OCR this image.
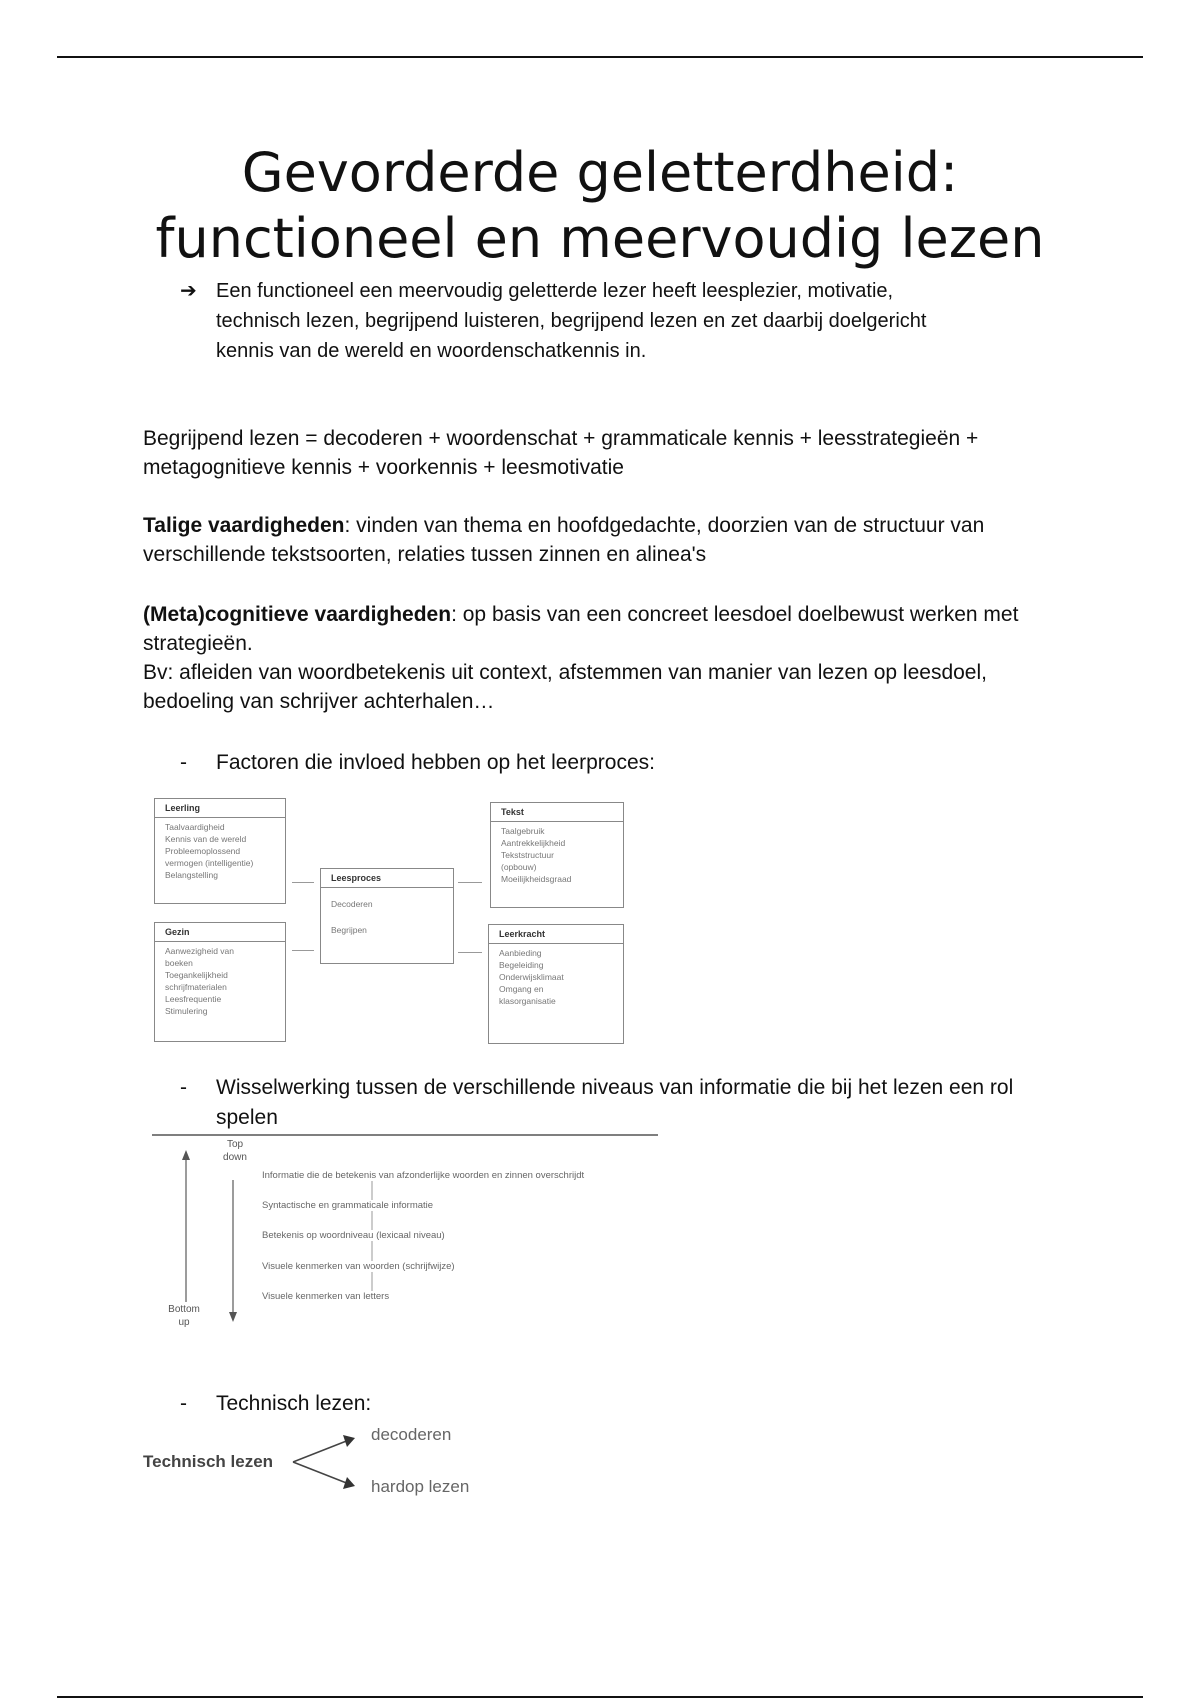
Gevorderde geletterdheid:
functioneel en meervoudig lezen
➔ Een functioneel een meervoudig geletterde lezer heeft leesplezier, motivatie,
technisch lezen, begrijpend luisteren, begrijpend lezen en zet daarbij doelgericht
kennis van de wereld en woordenschatkennis in.
Begrijpend lezen = decoderen + woordenschat + grammaticale kennis + leesstrategieën +
metagognitieve kennis + voorkennis + leesmotivatie
Talige vaardigheden: vinden van thema en hoofdgedachte, doorzien van de structuur van
verschillende tekstsoorten, relaties tussen zinnen en alinea's
(Meta)cognitieve vaardigheden: op basis van een concreet leesdoel doelbewust werken met
strategieën.
Bv: afleiden van woordbetekenis uit context, afstemmen van manier van lezen op leesdoel,
bedoeling van schrijver achterhalen…
- Factoren die invloed hebben op het leerproces:
Leerling
Taalvaardigheid
Kennis van de wereld
Probleemoplossend
vermogen (intelligentie)
Belangstelling
Gezin
Aanwezigheid van
boeken
Toegankelijkheid
schrijfmaterialen
Leesfrequentie
Stimulering
Leesproces
Decoderen
Begrijpen
Tekst
Taalgebruik
Aantrekkelijkheid
Tekststructuur
(opbouw)
Moeilijkheidsgraad
Leerkracht
Aanbieding
Begeleiding
Onderwijsklimaat
Omgang en
klasorganisatie
- Wisselwerking tussen de verschillende niveaus van informatie die bij het lezen een rol
spelen
Top
down
Bottom
up
Informatie die de betekenis van afzonderlijke woorden en zinnen overschrijdt
Syntactische en grammaticale informatie
Betekenis op woordniveau (lexicaal niveau)
Visuele kenmerken van woorden (schrijfwijze)
Visuele kenmerken van letters
- Technisch lezen:
Technisch lezen
decoderen
hardop lezen
